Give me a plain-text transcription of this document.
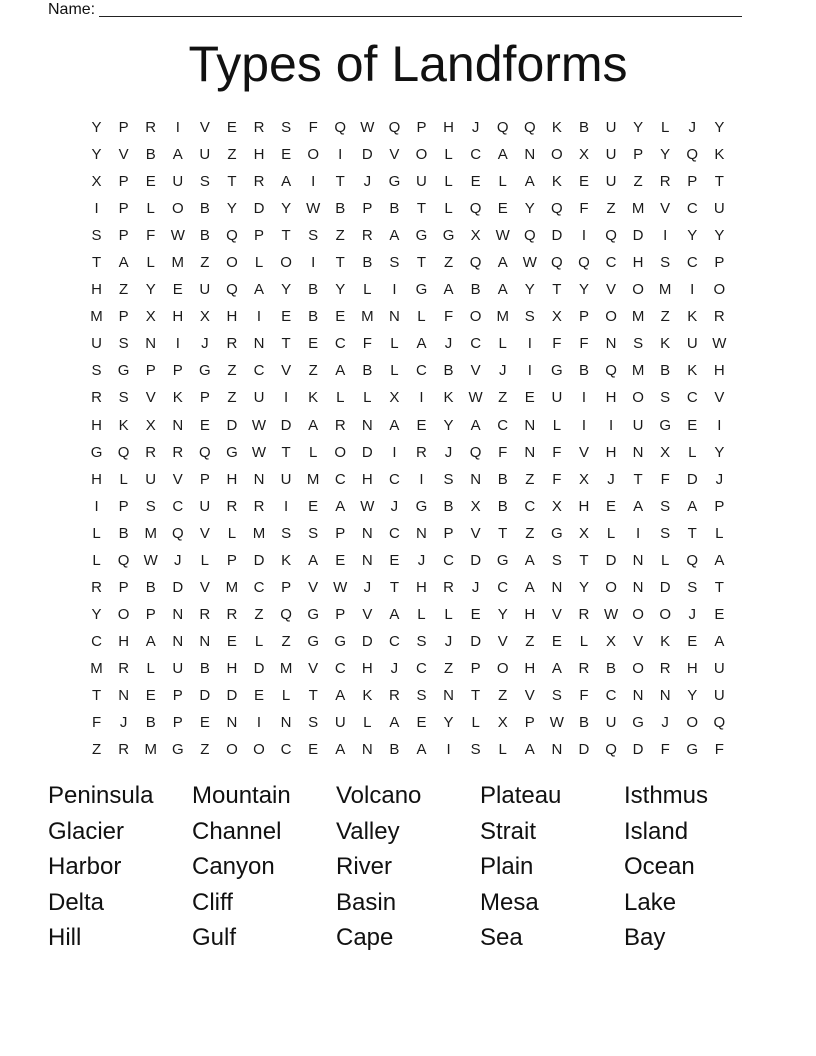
Name:
Types of Landforms
Y	P	R	I	V	E	R	S	F	Q W Q	P	H	J	Q	Q	K	B	U	Y	L	J	Y
Y	V	B	A	U	Z	H	E	O	I	D	V	O	L	C	A	N	O	X	U	P	Y	Q	K
X	P	E	U	S	T	R	A	I	T	J	G	U	L	E	L	A	K	E	U	Z	R	P	T
I	P	L	O	B	Y	D	Y W B	P	B	T	L	Q	E	Y	Q	F	Z	M	V	C	U
S	P	F	W B	Q	P	T	S	Z	R	A	G	G	X W Q	D	I	Q	D	I	Y	Y
T	A	L	M	Z	O	L	O	I	T	B	S	T	Z	Q	A W Q	Q	C	H	S	C	P
H	Z	Y	E	U	Q	A	Y	B	Y	L	I	G	A	B	A	Y	T	Y	V	O M	I	O
M	P	X	H	X	H	I	E	B	E	M	N	L	F	O M	S	X	P	O M	Z	K	R
U	S	N	I	J	R	N	T	E	C	F	L	A	J	C	L	I	F	F	N	S	K	U W
S	G	P	P	G	Z	C	V	Z	A	B	L	C	B	V	J	I	G	B	Q M	B	K	H
R	S	V	K	P	Z	U	I	K	L	L	X	I	K W	Z	E	U	I	H	O	S	C	V
H	K	X	N	E	D W D	A	R	N	A	E	Y	A	C	N	L	I	I	U	G	E	I
G	Q	R	R	Q	G W	T	L	O	D	I	R	J	Q	F	N	F	V	H	N	X	L	Y
H	L	U	V	P	H	N	U	M	C	H	C	I	S	N	B	Z	F	X	J	T	F	D	J
I	P	S	C	U	R	R	I	E	A W	J	G	B	X	B	C	X	H	E	A	S	A	P
L	B	M	Q	V	L	M	S	S	P	N	C	N	P	V	T	Z	G	X	L	I	S	T	L
L	Q W	J	L	P	D	K	A	E	N	E	J	C	D	G	A	S	T	D	N	L	Q	A
R	P	B	D	V	M	C	P	V W	J	T	H	R	J	C	A	N	Y	O	N	D	S	T
Y	O	P	N	R	R	Z	Q	G	P	V	A	L	L	E	Y	H	V	R W O	O	J	E
C	H	A	N	N	E	L	Z	G	G	D	C	S	J	D	V	Z	E	L	X	V	K	E	A
M	R	L	U	B	H	D	M	V	C	H	J	C	Z	P	O	H	A	R	B	O	R	H	U
T	N	E	P	D	D	E	L	T	A	K	R	S	N	T	Z	V	S	F	C	N	N	Y	U
F	J	B	P	E	N	I	N	S	U	L	A	E	Y	L	X	P W B	U	G	J	O	Q
Z	R	M	G	Z	O	O	C	E	A	N	B	A	I	S	L	A	N	D	Q	D	F	G	F
Peninsula	Mountain	Volcano	Plateau	Isthmus
Glacier	Channel	Valley	Strait	Island
Harbor	Canyon	River	Plain	Ocean
Delta	Cliff	Basin	Mesa	Lake
Hill	Gulf	Cape	Sea	Bay
